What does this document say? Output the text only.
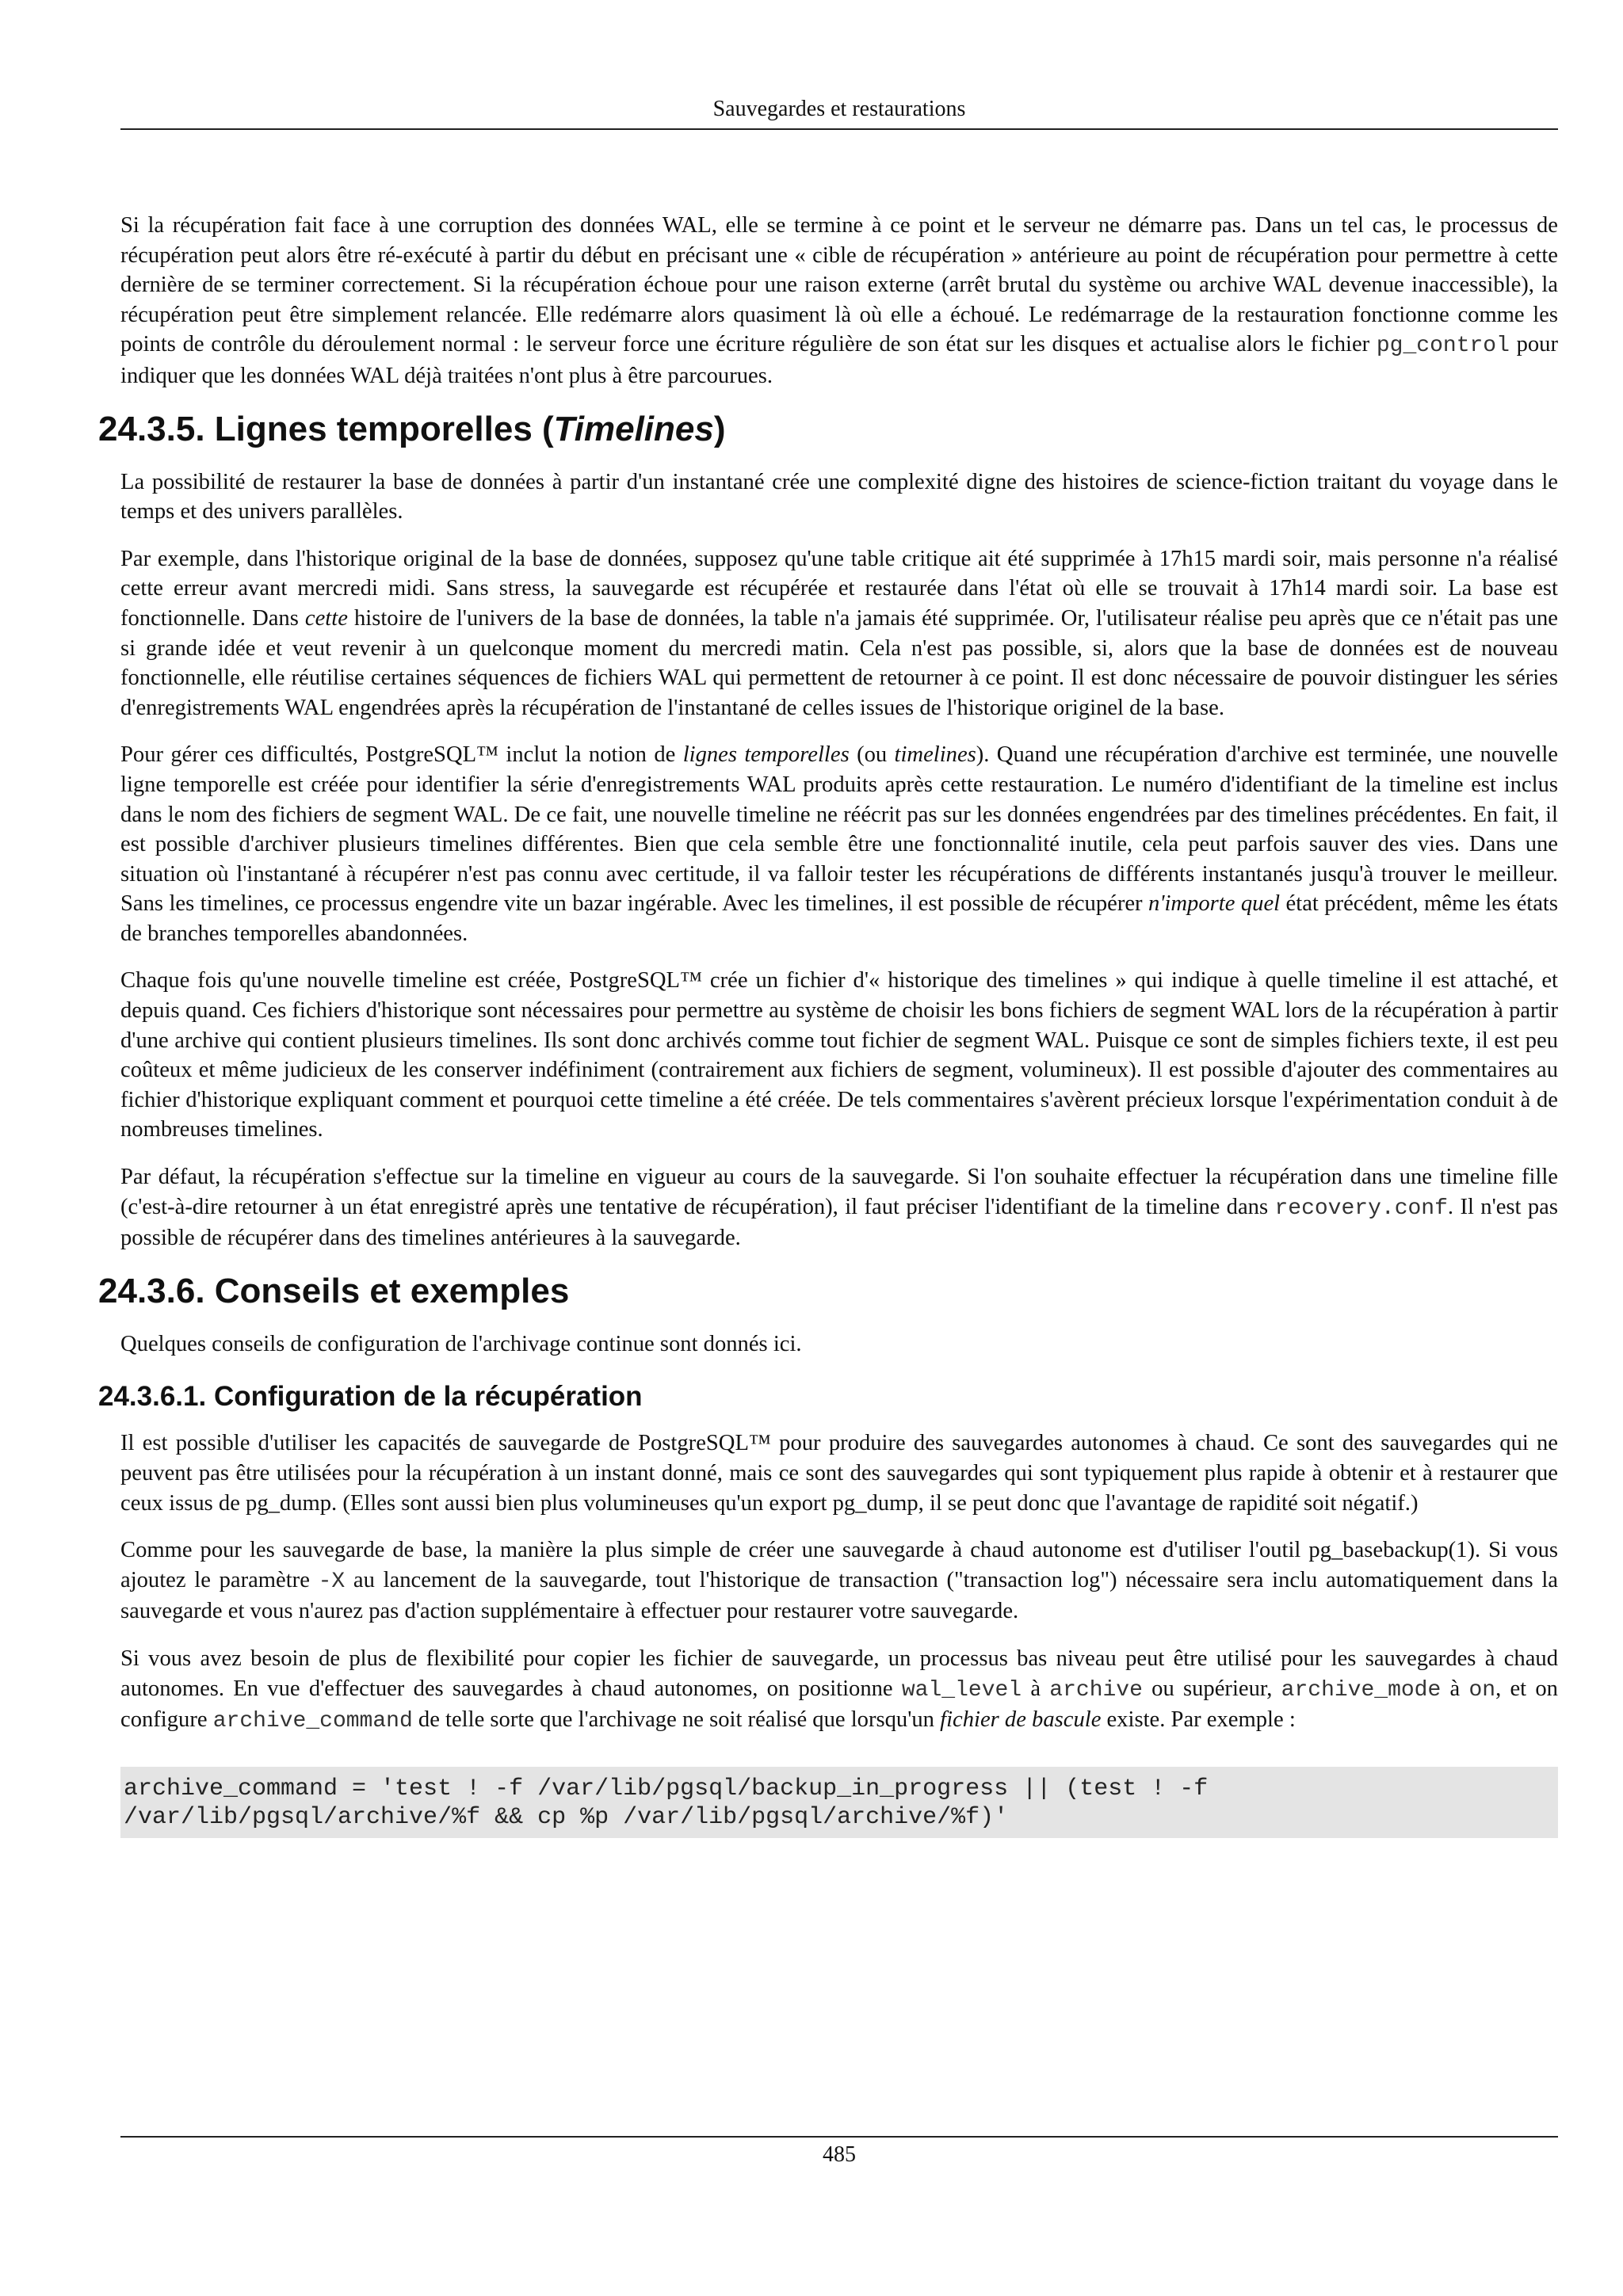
Sauvegardes et restaurations

Si la récupération fait face à une corruption des données WAL, elle se termine à ce point et le serveur ne démarre pas. Dans un tel cas, le processus de récupération peut alors être ré-exécuté à partir du début en précisant une « cible de récupération » antérieure au point de récupération pour permettre à cette dernière de se terminer correctement. Si la récupération échoue pour une raison externe (arrêt brutal du système ou archive WAL devenue inaccessible), la récupération peut être simplement relancée. Elle redémarre alors quasiment là où elle a échoué. Le redémarrage de la restauration fonctionne comme les points de contrôle du déroulement normal : le serveur force une écriture régulière de son état sur les disques et actualise alors le fichier pg_control pour indiquer que les données WAL déjà traitées n'ont plus à être parcourues.

24.3.5. Lignes temporelles (Timelines)

La possibilité de restaurer la base de données à partir d'un instantané crée une complexité digne des histoires de science-fiction traitant du voyage dans le temps et des univers parallèles.

Par exemple, dans l'historique original de la base de données, supposez qu'une table critique ait été supprimée à 17h15 mardi soir, mais personne n'a réalisé cette erreur avant mercredi midi. Sans stress, la sauvegarde est récupérée et restaurée dans l'état où elle se trouvait à 17h14 mardi soir. La base est fonctionnelle. Dans cette histoire de l'univers de la base de données, la table n'a jamais été supprimée. Or, l'utilisateur réalise peu après que ce n'était pas une si grande idée et veut revenir à un quelconque moment du mercredi matin. Cela n'est pas possible, si, alors que la base de données est de nouveau fonctionnelle, elle réutilise certaines séquences de fichiers WAL qui permettent de retourner à ce point. Il est donc nécessaire de pouvoir distinguer les séries d'enregistrements WAL engendrées après la récupération de l'instantané de celles issues de l'historique originel de la base.

Pour gérer ces difficultés, PostgreSQL™ inclut la notion de lignes temporelles (ou timelines). Quand une récupération d'archive est terminée, une nouvelle ligne temporelle est créée pour identifier la série d'enregistrements WAL produits après cette restauration. Le numéro d'identifiant de la timeline est inclus dans le nom des fichiers de segment WAL. De ce fait, une nouvelle timeline ne réécrit pas sur les données engendrées par des timelines précédentes. En fait, il est possible d'archiver plusieurs timelines différentes. Bien que cela semble être une fonctionnalité inutile, cela peut parfois sauver des vies. Dans une situation où l'instantané à récupérer n'est pas connu avec certitude, il va falloir tester les récupérations de différents instantanés jusqu'à trouver le meilleur. Sans les timelines, ce processus engendre vite un bazar ingérable. Avec les timelines, il est possible de récupérer n'importe quel état précédent, même les états de branches temporelles abandonnées.

Chaque fois qu'une nouvelle timeline est créée, PostgreSQL™ crée un fichier d'« historique des timelines » qui indique à quelle timeline il est attaché, et depuis quand. Ces fichiers d'historique sont nécessaires pour permettre au système de choisir les bons fichiers de segment WAL lors de la récupération à partir d'une archive qui contient plusieurs timelines. Ils sont donc archivés comme tout fichier de segment WAL. Puisque ce sont de simples fichiers texte, il est peu coûteux et même judicieux de les conserver indéfiniment (contrairement aux fichiers de segment, volumineux). Il est possible d'ajouter des commentaires au fichier d'historique expliquant comment et pourquoi cette timeline a été créée. De tels commentaires s'avèrent précieux lorsque l'expérimentation conduit à de nombreuses timelines.

Par défaut, la récupération s'effectue sur la timeline en vigueur au cours de la sauvegarde. Si l'on souhaite effectuer la récupération dans une timeline fille (c'est-à-dire retourner à un état enregistré après une tentative de récupération), il faut préciser l'identifiant de la timeline dans recovery.conf. Il n'est pas possible de récupérer dans des timelines antérieures à la sauvegarde.

24.3.6. Conseils et exemples

Quelques conseils de configuration de l'archivage continue sont donnés ici.

24.3.6.1. Configuration de la récupération

Il est possible d'utiliser les capacités de sauvegarde de PostgreSQL™ pour produire des sauvegardes autonomes à chaud. Ce sont des sauvegardes qui ne peuvent pas être utilisées pour la récupération à un instant donné, mais ce sont des sauvegardes qui sont typiquement plus rapide à obtenir et à restaurer que ceux issus de pg_dump. (Elles sont aussi bien plus volumineuses qu'un export pg_dump, il se peut donc que l'avantage de rapidité soit négatif.)

Comme pour les sauvegarde de base, la manière la plus simple de créer une sauvegarde à chaud autonome est d'utiliser l'outil pg_basebackup(1). Si vous ajoutez le paramètre -X au lancement de la sauvegarde, tout l'historique de transaction ("transaction log") nécessaire sera inclu automatiquement dans la sauvegarde et vous n'aurez pas d'action supplémentaire à effectuer pour restaurer votre sauvegarde.

Si vous avez besoin de plus de flexibilité pour copier les fichier de sauvegarde, un processus bas niveau peut être utilisé pour les sauvegardes à chaud autonomes. En vue d'effectuer des sauvegardes à chaud autonomes, on positionne wal_level à archive ou supérieur, archive_mode à on, et on configure archive_command de telle sorte que l'archivage ne soit réalisé que lorsqu'un fichier de bascule existe. Par exemple :

archive_command = 'test ! -f /var/lib/pgsql/backup_in_progress || (test ! -f
/var/lib/pgsql/archive/%f && cp %p /var/lib/pgsql/archive/%f)'
485
